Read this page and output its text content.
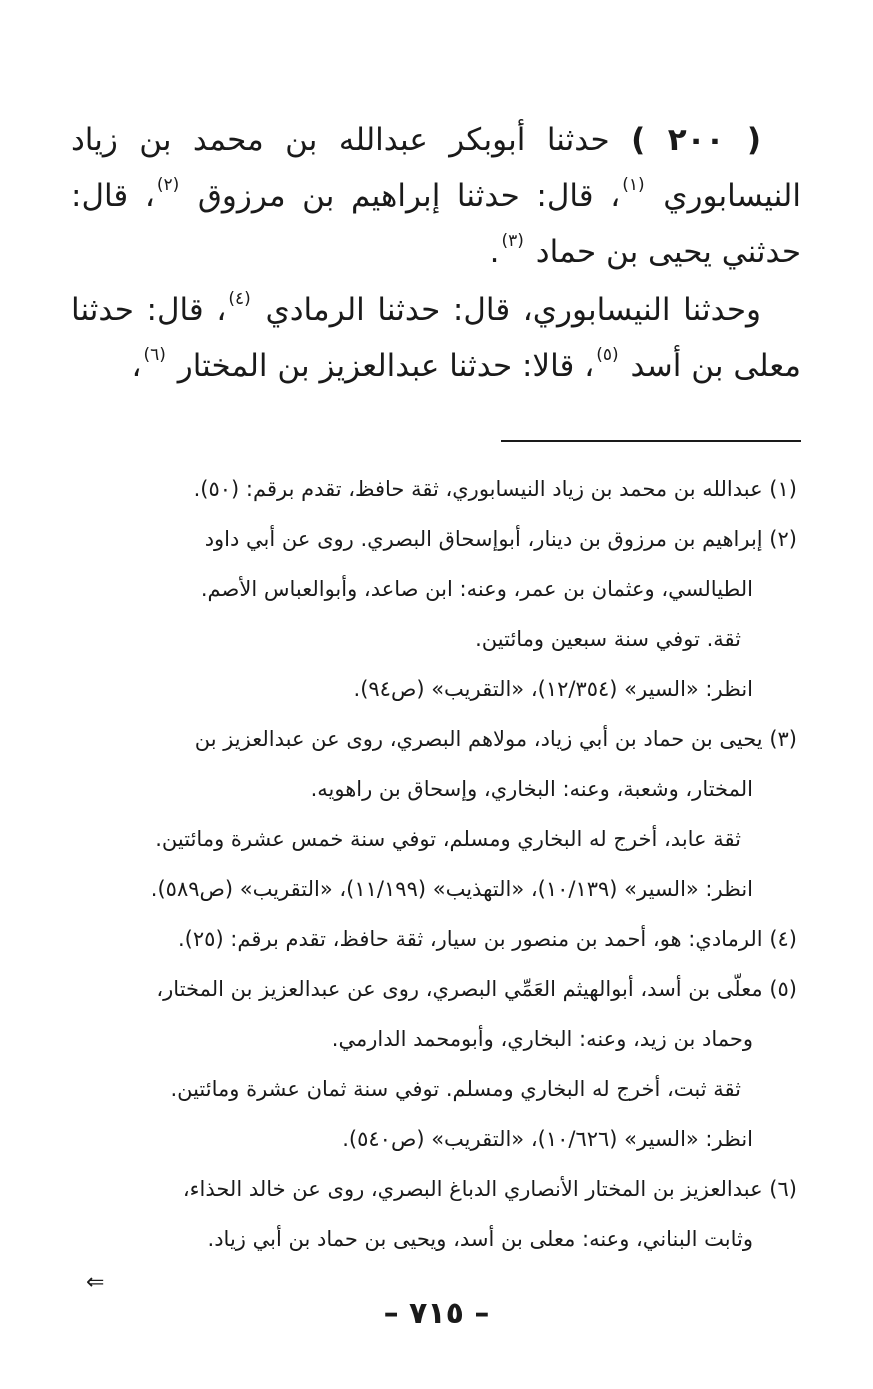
( ٢٠٠ ) حدثنا أبوبكر عبدالله بن محمد بن زياد النيسابوري $^{(١)}$، قال: حدثنا إبراهيم بن مرزوق $^{(٢)}$، قال: حدثني يحيى بن حماد $^{(٣)}$.

وحدثنا النيسابوري، قال: حدثنا الرمادي $^{(٤)}$، قال: حدثنا معلى بن أسد $^{(٥)}$، قالا: حدثنا عبدالعزيز بن المختار $^{(٦)}$،

(١) عبدالله بن محمد بن زياد النيسابوري، ثقة حافظ، تقدم برقم: (٥٠).

(٢) إبراهيم بن مرزوق بن دينار، أبوإسحاق البصري. روى عن أبي داود
الطيالسي، وعثمان بن عمر، وعنه: ابن صاعد، وأبوالعباس الأصم.
ثقة. توفي سنة سبعين ومائتين.
انظر: «السير» (١٢/٣٥٤)، «التقريب» (ص٩٤).

(٣) يحيى بن حماد بن أبي زياد، مولاهم البصري، روى عن عبدالعزيز بن
المختار، وشعبة، وعنه: البخاري، وإسحاق بن راهويه.
ثقة عابد، أخرج له البخاري ومسلم، توفي سنة خمس عشرة ومائتين.
انظر: «السير» (١٠/١٣٩)، «التهذيب» (١١/١٩٩)، «التقريب» (ص٥٨٩).

(٤) الرمادي: هو، أحمد بن منصور بن سيار، ثقة حافظ، تقدم برقم: (٢٥).

(٥) معلّى بن أسد، أبوالهيثم العَمِّي البصري، روى عن عبدالعزيز بن المختار،
وحماد بن زيد، وعنه: البخاري، وأبومحمد الدارمي.
ثقة ثبت، أخرج له البخاري ومسلم. توفي سنة ثمان عشرة ومائتين.
انظر: «السير» (١٠/٦٢٦)، «التقريب» (ص٥٤٠).

(٦) عبدالعزيز بن المختار الأنصاري الدباغ البصري، روى عن خالد الحذاء،
وثابت البناني، وعنه: معلى بن أسد، ويحيى بن حماد بن أبي زياد.

⇐
– ٧١٥ –
